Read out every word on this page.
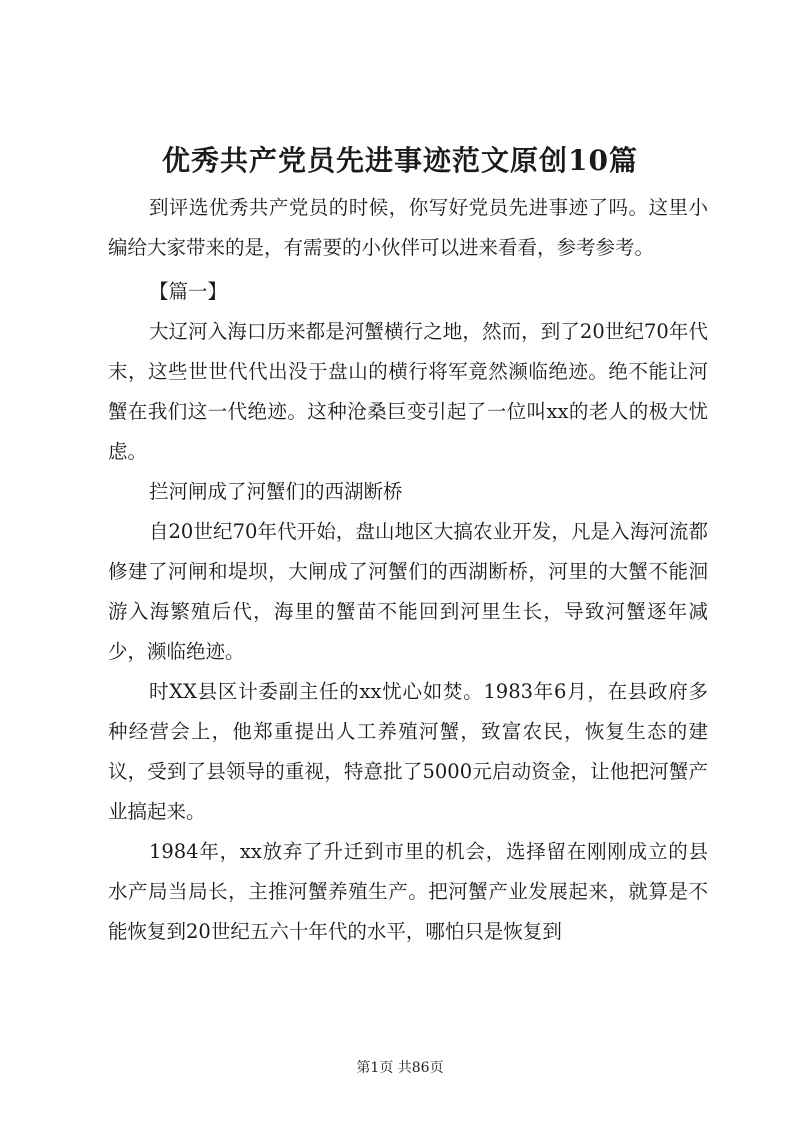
优秀共产党员先进事迹范文原创10篇

到评选优秀共产党员的时候，你写好党员先进事迹了吗。这里小编给大家带来的是，有需要的小伙伴可以进来看看，参考参考。

【篇一】

大辽河入海口历来都是河蟹横行之地，然而，到了20世纪70年代末，这些世世代代出没于盘山的横行将军竟然濒临绝迹。绝不能让河蟹在我们这一代绝迹。这种沧桑巨变引起了一位叫xx的老人的极大忧虑。

拦河闸成了河蟹们的西湖断桥

自20世纪70年代开始，盘山地区大搞农业开发，凡是入海河流都修建了河闸和堤坝，大闸成了河蟹们的西湖断桥，河里的大蟹不能洄游入海繁殖后代，海里的蟹苗不能回到河里生长，导致河蟹逐年减少，濒临绝迹。

时XX县区计委副主任的xx忧心如焚。1983年6月，在县政府多种经营会上，他郑重提出人工养殖河蟹，致富农民，恢复生态的建议，受到了县领导的重视，特意批了5000元启动资金，让他把河蟹产业搞起来。

1984年，xx放弃了升迁到市里的机会，选择留在刚刚成立的县水产局当局长，主推河蟹养殖生产。把河蟹产业发展起来，就算是不能恢复到20世纪五六十年代的水平，哪怕只是恢复到

第1页 共86页
